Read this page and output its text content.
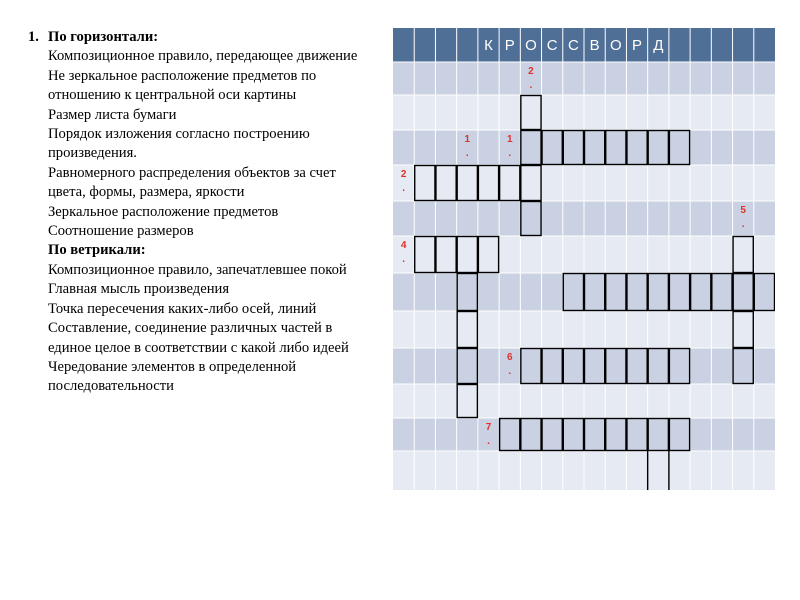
1. По горизонтали:
Композиционное правило, передающее движение
Не зеркальное расположение предметов по отношению к центральной оси картины
Размер листа бумаги
Порядок изложения согласно построению произведения.
Равномерного распределения объектов за счет цвета, формы, размера, яркости
Зеркальное расположение предметов
Соотношение размеров
По ветрикали:
Композиционное правило, запечатлевшее покой
Главная мысль произведения
Точка пересечения каких-либо осей, линий
Составление, соединение различных частей в единое целое в соответствии с какой либо идеей
Чередование элементов в определенной последовательности
К Р О С С В О Р Д
2
.
1
.
1
.
2
.
5
.
4
.
6
.
7
.
